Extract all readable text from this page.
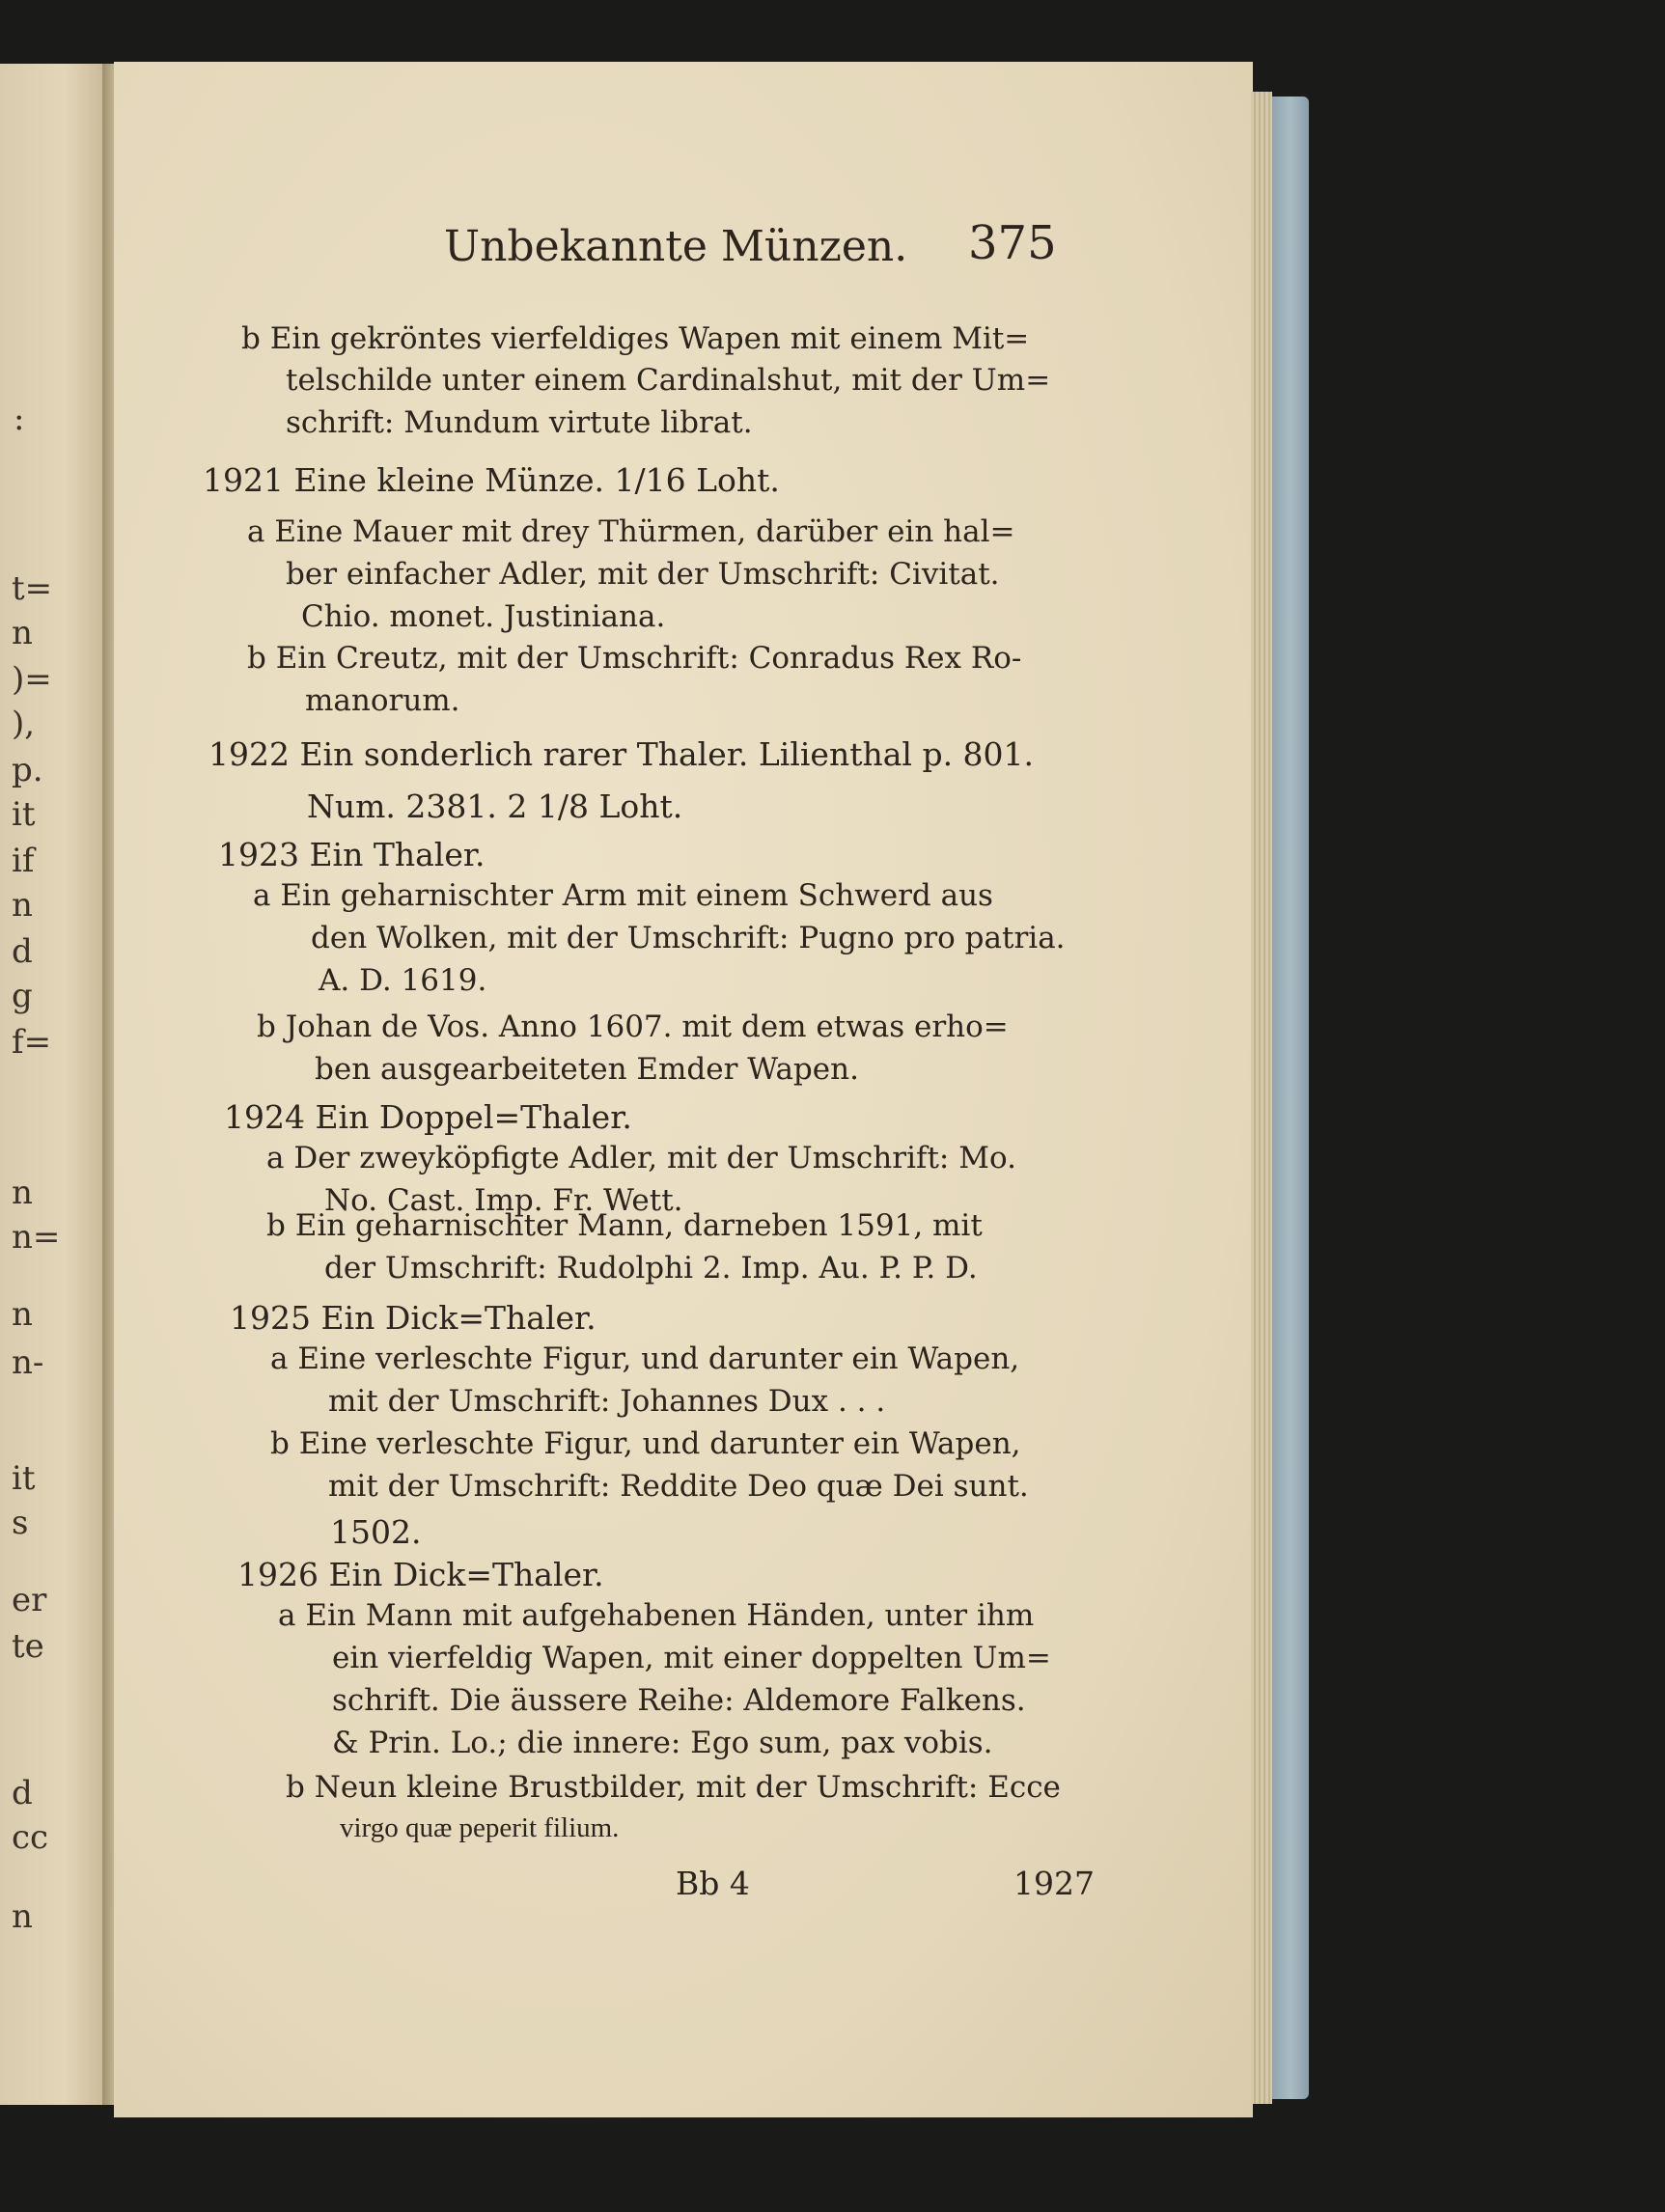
:
t=
n
)=
),
p.
it
if
n
d
g
f=
n
n=
n
n-
it
s
er
te
d
cc
n
Unbekannte Münzen. 375
b Ein gekröntes vierfeldiges Wapen mit einem Mit=
telschilde unter einem Cardinalshut, mit der Um=
schrift: Mundum virtute librat.
1921 Eine kleine Münze. 1/16 Loht.
a Eine Mauer mit drey Thürmen, darüber ein hal=
ber einfacher Adler, mit der Umschrift: Civitat.
Chio. monet. Justiniana.
b Ein Creutz, mit der Umschrift: Conradus Rex Ro-
manorum.
1922 Ein sonderlich rarer Thaler. Lilienthal p. 801.
Num. 2381. 2 1/8 Loht.
1923 Ein Thaler.
a Ein geharnischter Arm mit einem Schwerd aus
den Wolken, mit der Umschrift: Pugno pro patria.
A. D. 1619.
b Johan de Vos. Anno 1607. mit dem etwas erho=
ben ausgearbeiteten Emder Wapen.
1924 Ein Doppel=Thaler.
a Der zweyköpfigte Adler, mit der Umschrift: Mo.
No. Cast. Imp. Fr. Wett.
b Ein geharnischter Mann, darneben 1591, mit
der Umschrift: Rudolphi 2. Imp. Au. P. P. D.
1925 Ein Dick=Thaler.
a Eine verleschte Figur, und darunter ein Wapen,
mit der Umschrift: Johannes Dux . . .
b Eine verleschte Figur, und darunter ein Wapen,
mit der Umschrift: Reddite Deo quæ Dei sunt.
1502.
1926 Ein Dick=Thaler.
a Ein Mann mit aufgehabenen Händen, unter ihm
ein vierfeldig Wapen, mit einer doppelten Um=
schrift. Die äussere Reihe: Aldemore Falkens.
& Prin. Lo.; die innere: Ego sum, pax vobis.
b Neun kleine Brustbilder, mit der Umschrift: Ecce
virgo quæ peperit filium.
Bb 4	1927
